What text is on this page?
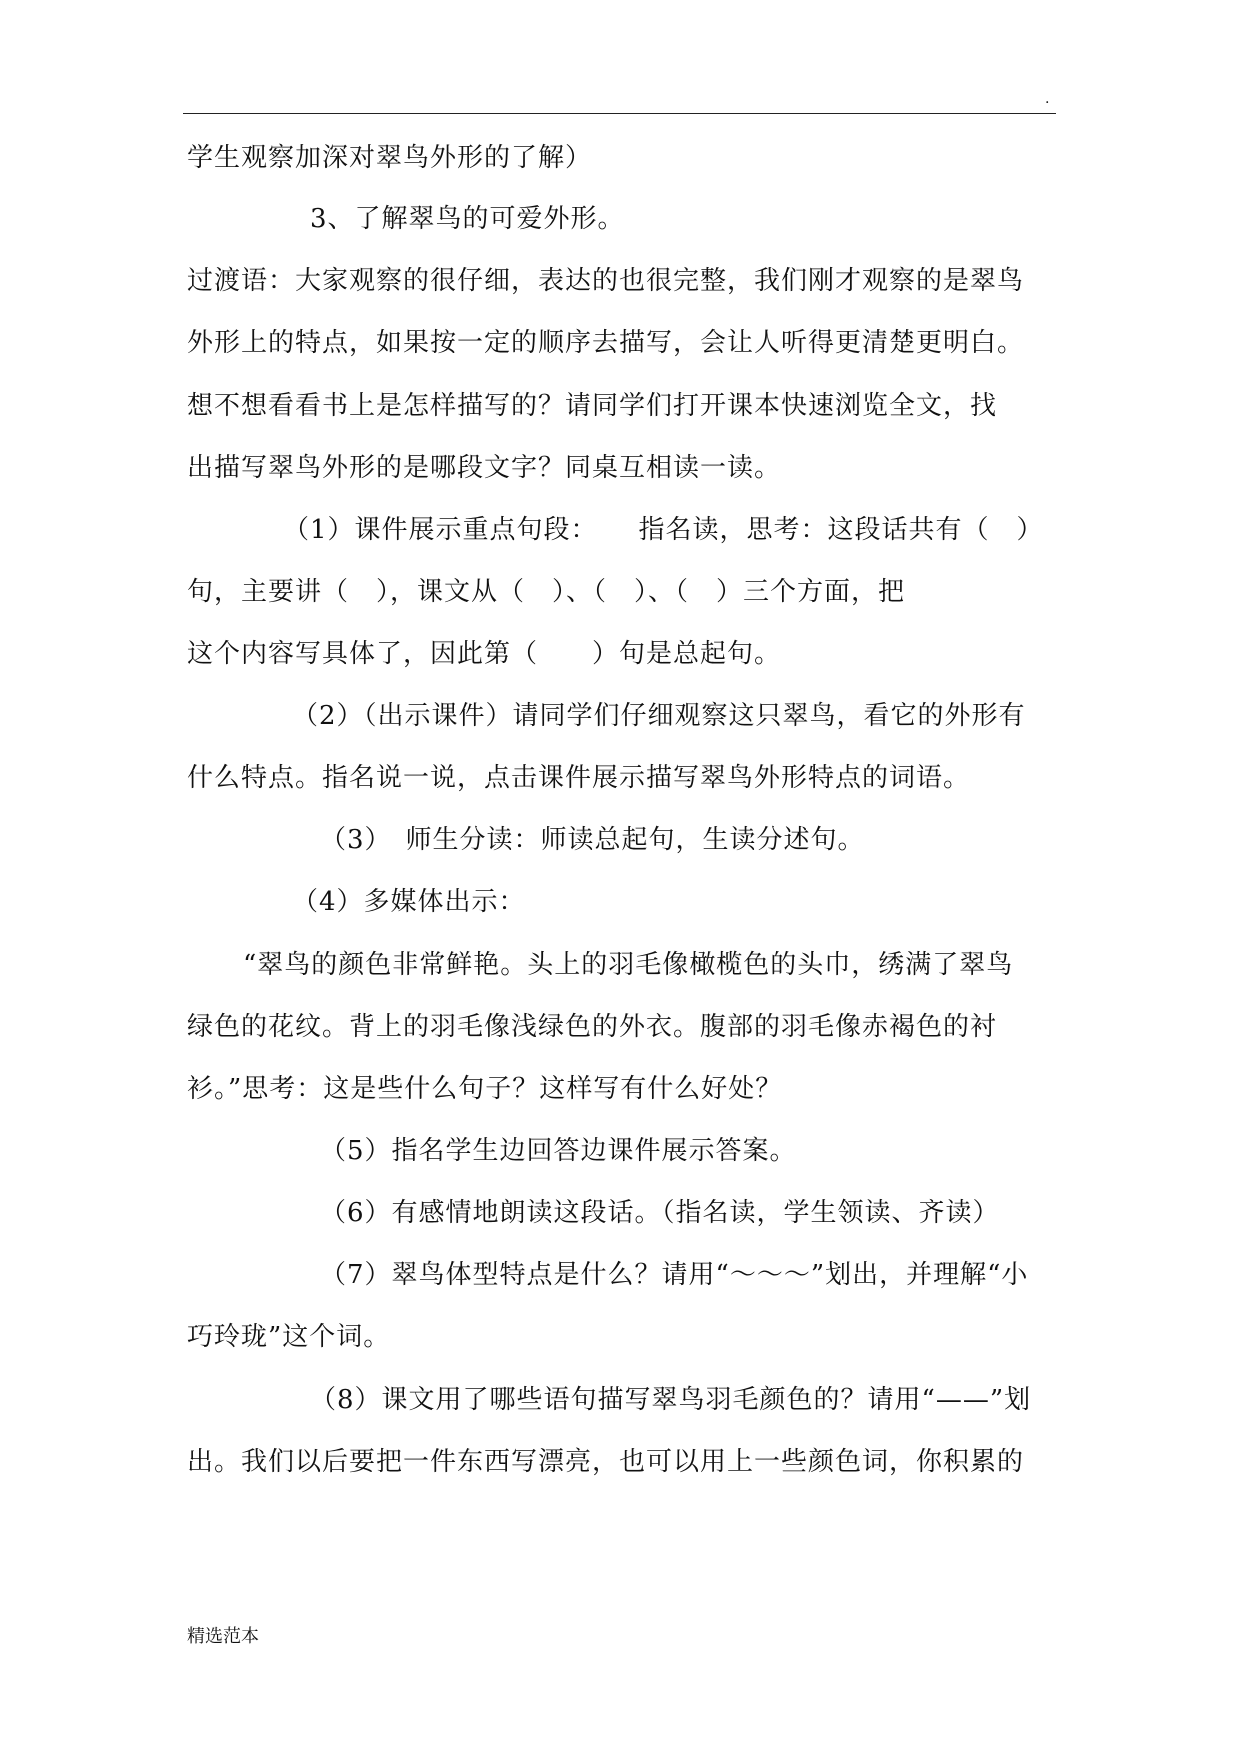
.
学生观察加深对翠鸟外形的了解）
3、了解翠鸟的可爱外形。
过渡语：大家观察的很仔细，表达的也很完整，我们刚才观察的是翠鸟
外形上的特点，如果按一定的顺序去描写，会让人听得更清楚更明白。
想不想看看书上是怎样描写的？请同学们打开课本快速浏览全文，找
出描写翠鸟外形的是哪段文字？同桌互相读一读。
（1）课件展示重点句段：　　指名读，思考：这段话共有（　）
句，主要讲（　），课文从（　）、（　）、（　）三个方面，把
这个内容写具体了，因此第（　　）句是总起句。
（2）（出示课件）请同学们仔细观察这只翠鸟，看它的外形有
什么特点。指名说一说，点击课件展示描写翠鸟外形特点的词语。
（3）　师生分读：师读总起句，生读分述句。
（4）多媒体出示：
“翠鸟的颜色非常鲜艳。头上的羽毛像橄榄色的头巾，绣满了翠鸟
绿色的花纹。背上的羽毛像浅绿色的外衣。腹部的羽毛像赤褐色的衬
衫。”思考：这是些什么句子？这样写有什么好处？
（5）指名学生边回答边课件展示答案。
（6）有感情地朗读这段话。（指名读，学生领读、齐读）
（7）翠鸟体型特点是什么？请用“～～～”划出，并理解“小
巧玲珑”这个词。
（8）课文用了哪些语句描写翠鸟羽毛颜色的？请用“——”划
出。我们以后要把一件东西写漂亮，也可以用上一些颜色词，你积累的
精选范本
